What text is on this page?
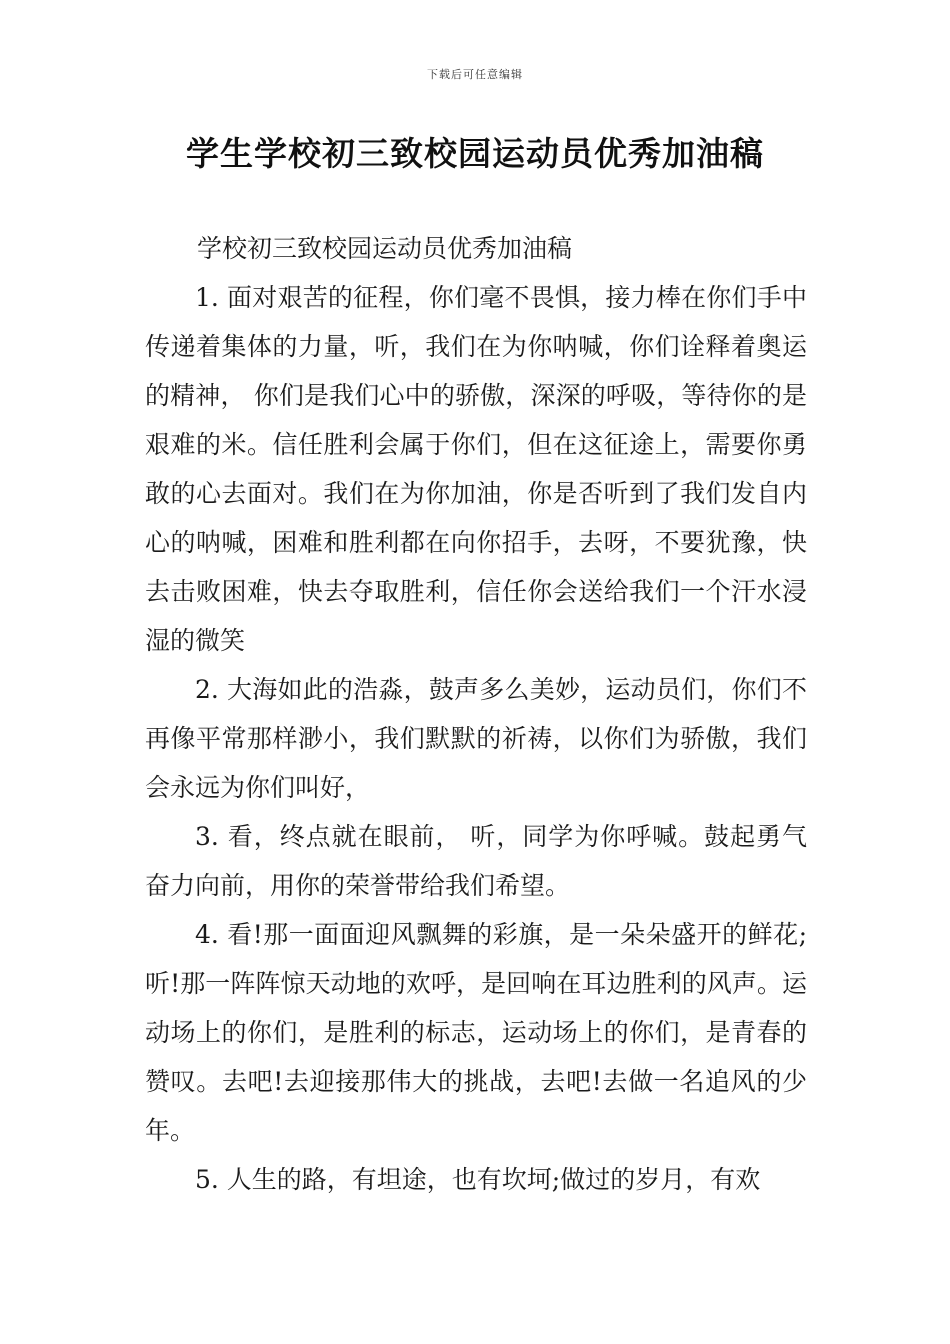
下载后可任意编辑
学生学校初三致校园运动员优秀加油稿

学校初三致校园运动员优秀加油稿

1. 面对艰苦的征程，你们毫不畏惧，接力棒在你们手中传递着集体的力量，听，我们在为你呐喊，你们诠释着奥运的精神， 你们是我们心中的骄傲，深深的呼吸，等待你的是艰难的米。信任胜利会属于你们，但在这征途上，需要你勇敢的心去面对。我们在为你加油，你是否听到了我们发自内心的呐喊，困难和胜利都在向你招手，去呀，不要犹豫，快去击败困难，快去夺取胜利，信任你会送给我们一个汗水浸湿的微笑

2. 大海如此的浩淼，鼓声多么美妙，运动员们，你们不再像平常那样渺小，我们默默的祈祷，以你们为骄傲，我们会永远为你们叫好，

3. 看，终点就在眼前， 听，同学为你呼喊。鼓起勇气奋力向前，用你的荣誉带给我们希望。

4. 看!那一面面迎风飘舞的彩旗，是一朵朵盛开的鲜花;听!那一阵阵惊天动地的欢呼，是回响在耳边胜利的风声。运动场上的你们，是胜利的标志，运动场上的你们，是青春的赞叹。去吧!去迎接那伟大的挑战，去吧!去做一名追风的少年。

5. 人生的路，有坦途，也有坎坷;做过的岁月，有欢
